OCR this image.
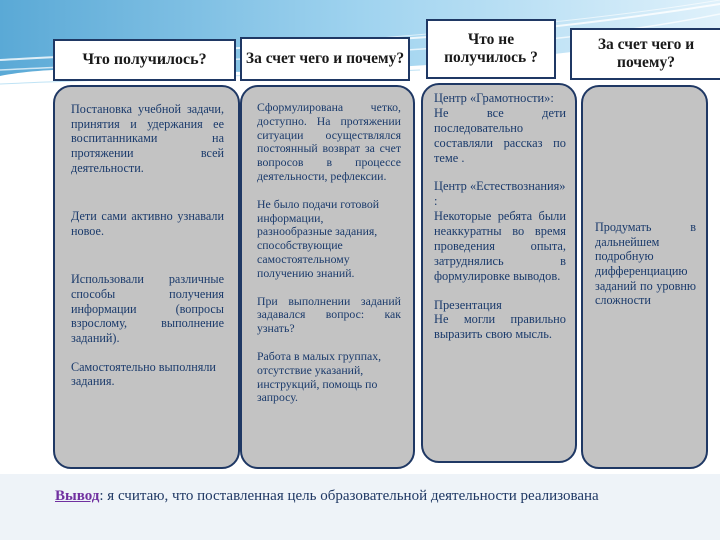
Что получилось?	За счет чего и почему?
Что не получилось ?
За счет чего и почему?

Постановка учебной задачи, принятия и удержания ее воспитанниками на протяжении всей деятельности.

Дети сами активно узнавали новое.

Использовали различные способы получения информации (вопросы взрослому, выполнение заданий).

Самостоятельно выполняли задания.

Сформулирована четко, доступно. На протяжении ситуации осуществлялся постоянный возврат за счет вопросов в процессе деятельности, рефлексии.

Не было подачи готовой информации, разнообразные задания, способствующие самостоятельному получению знаний.

При выполнении заданий задавался вопрос: как узнать?

Работа в малых группах, отсутствие указаний, инструкций, помощь по запросу.

Центр «Грамотности»:

Не все дети последовательно составляли рассказ по теме .

Центр «Естествознания» :

Некоторые ребята были неаккуратны во время проведения опыта, затруднялись в формулировке выводов.

Презентация

Не могли правильно выразить свою мысль.

Продумать в дальнейшем подробную дифференциацию заданий по уровню сложности

Вывод: я считаю, что поставленная цель образовательной деятельности реализована
